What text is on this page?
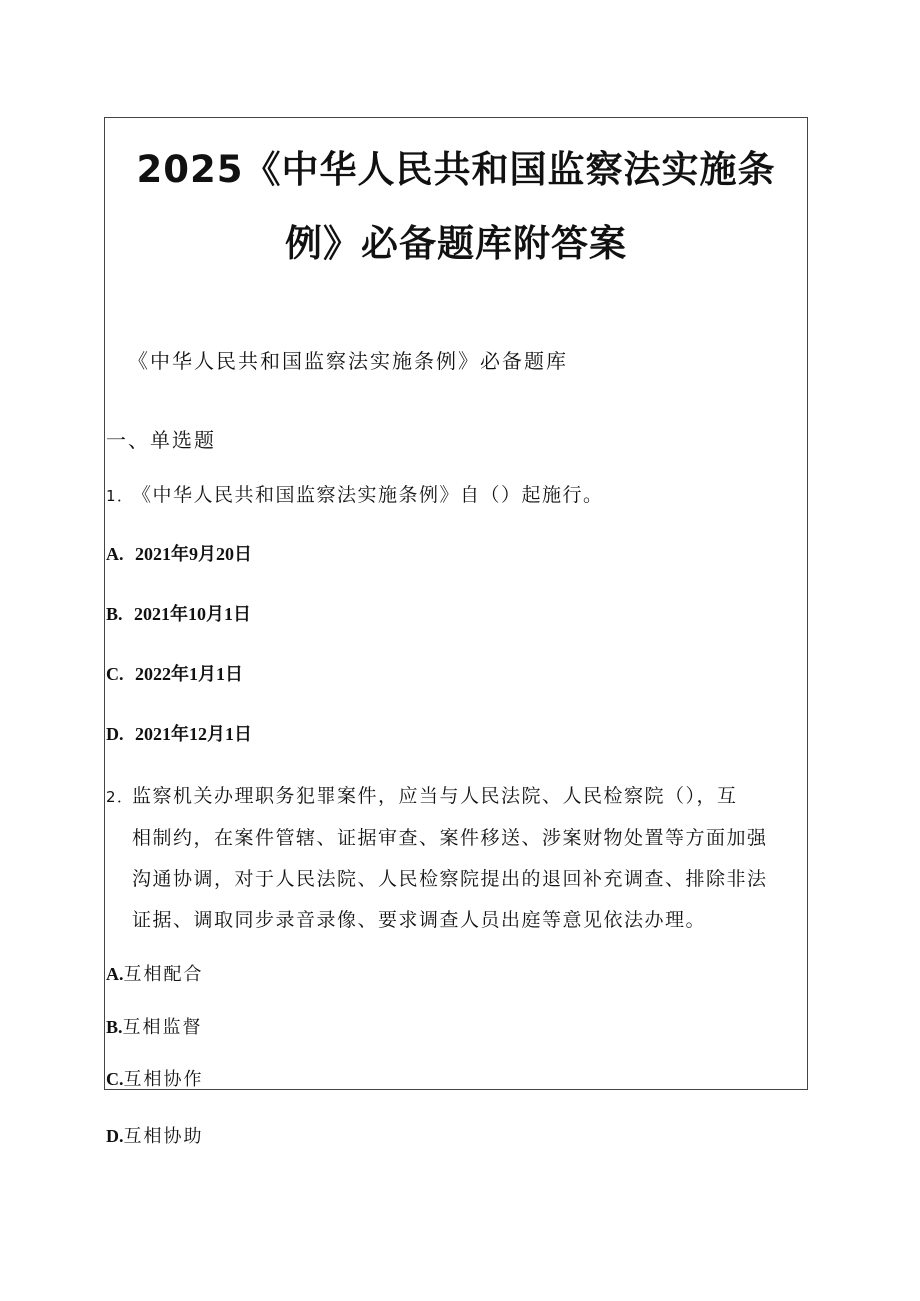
2025《中华人民共和国监察法实施条
例》必备题库附答案

《中华人民共和国监察法实施条例》必备题库

一、单选题

1．《中华人民共和国监察法实施条例》自（）起施行。

A. 2021年9月20日

B. 2021年10月1日

C. 2022年1月1日

D. 2021年12月1日

2．监察机关办理职务犯罪案件，应当与人民法院、人民检察院（），互
相制约，在案件管辖、证据审查、案件移送、涉案财物处置等方面加强
沟通协调，对于人民法院、人民检察院提出的退回补充调查、排除非法
证据、调取同步录音录像、要求调查人员出庭等意见依法办理。

A.互相配合

B.互相监督

C.互相协作

D.互相协助
